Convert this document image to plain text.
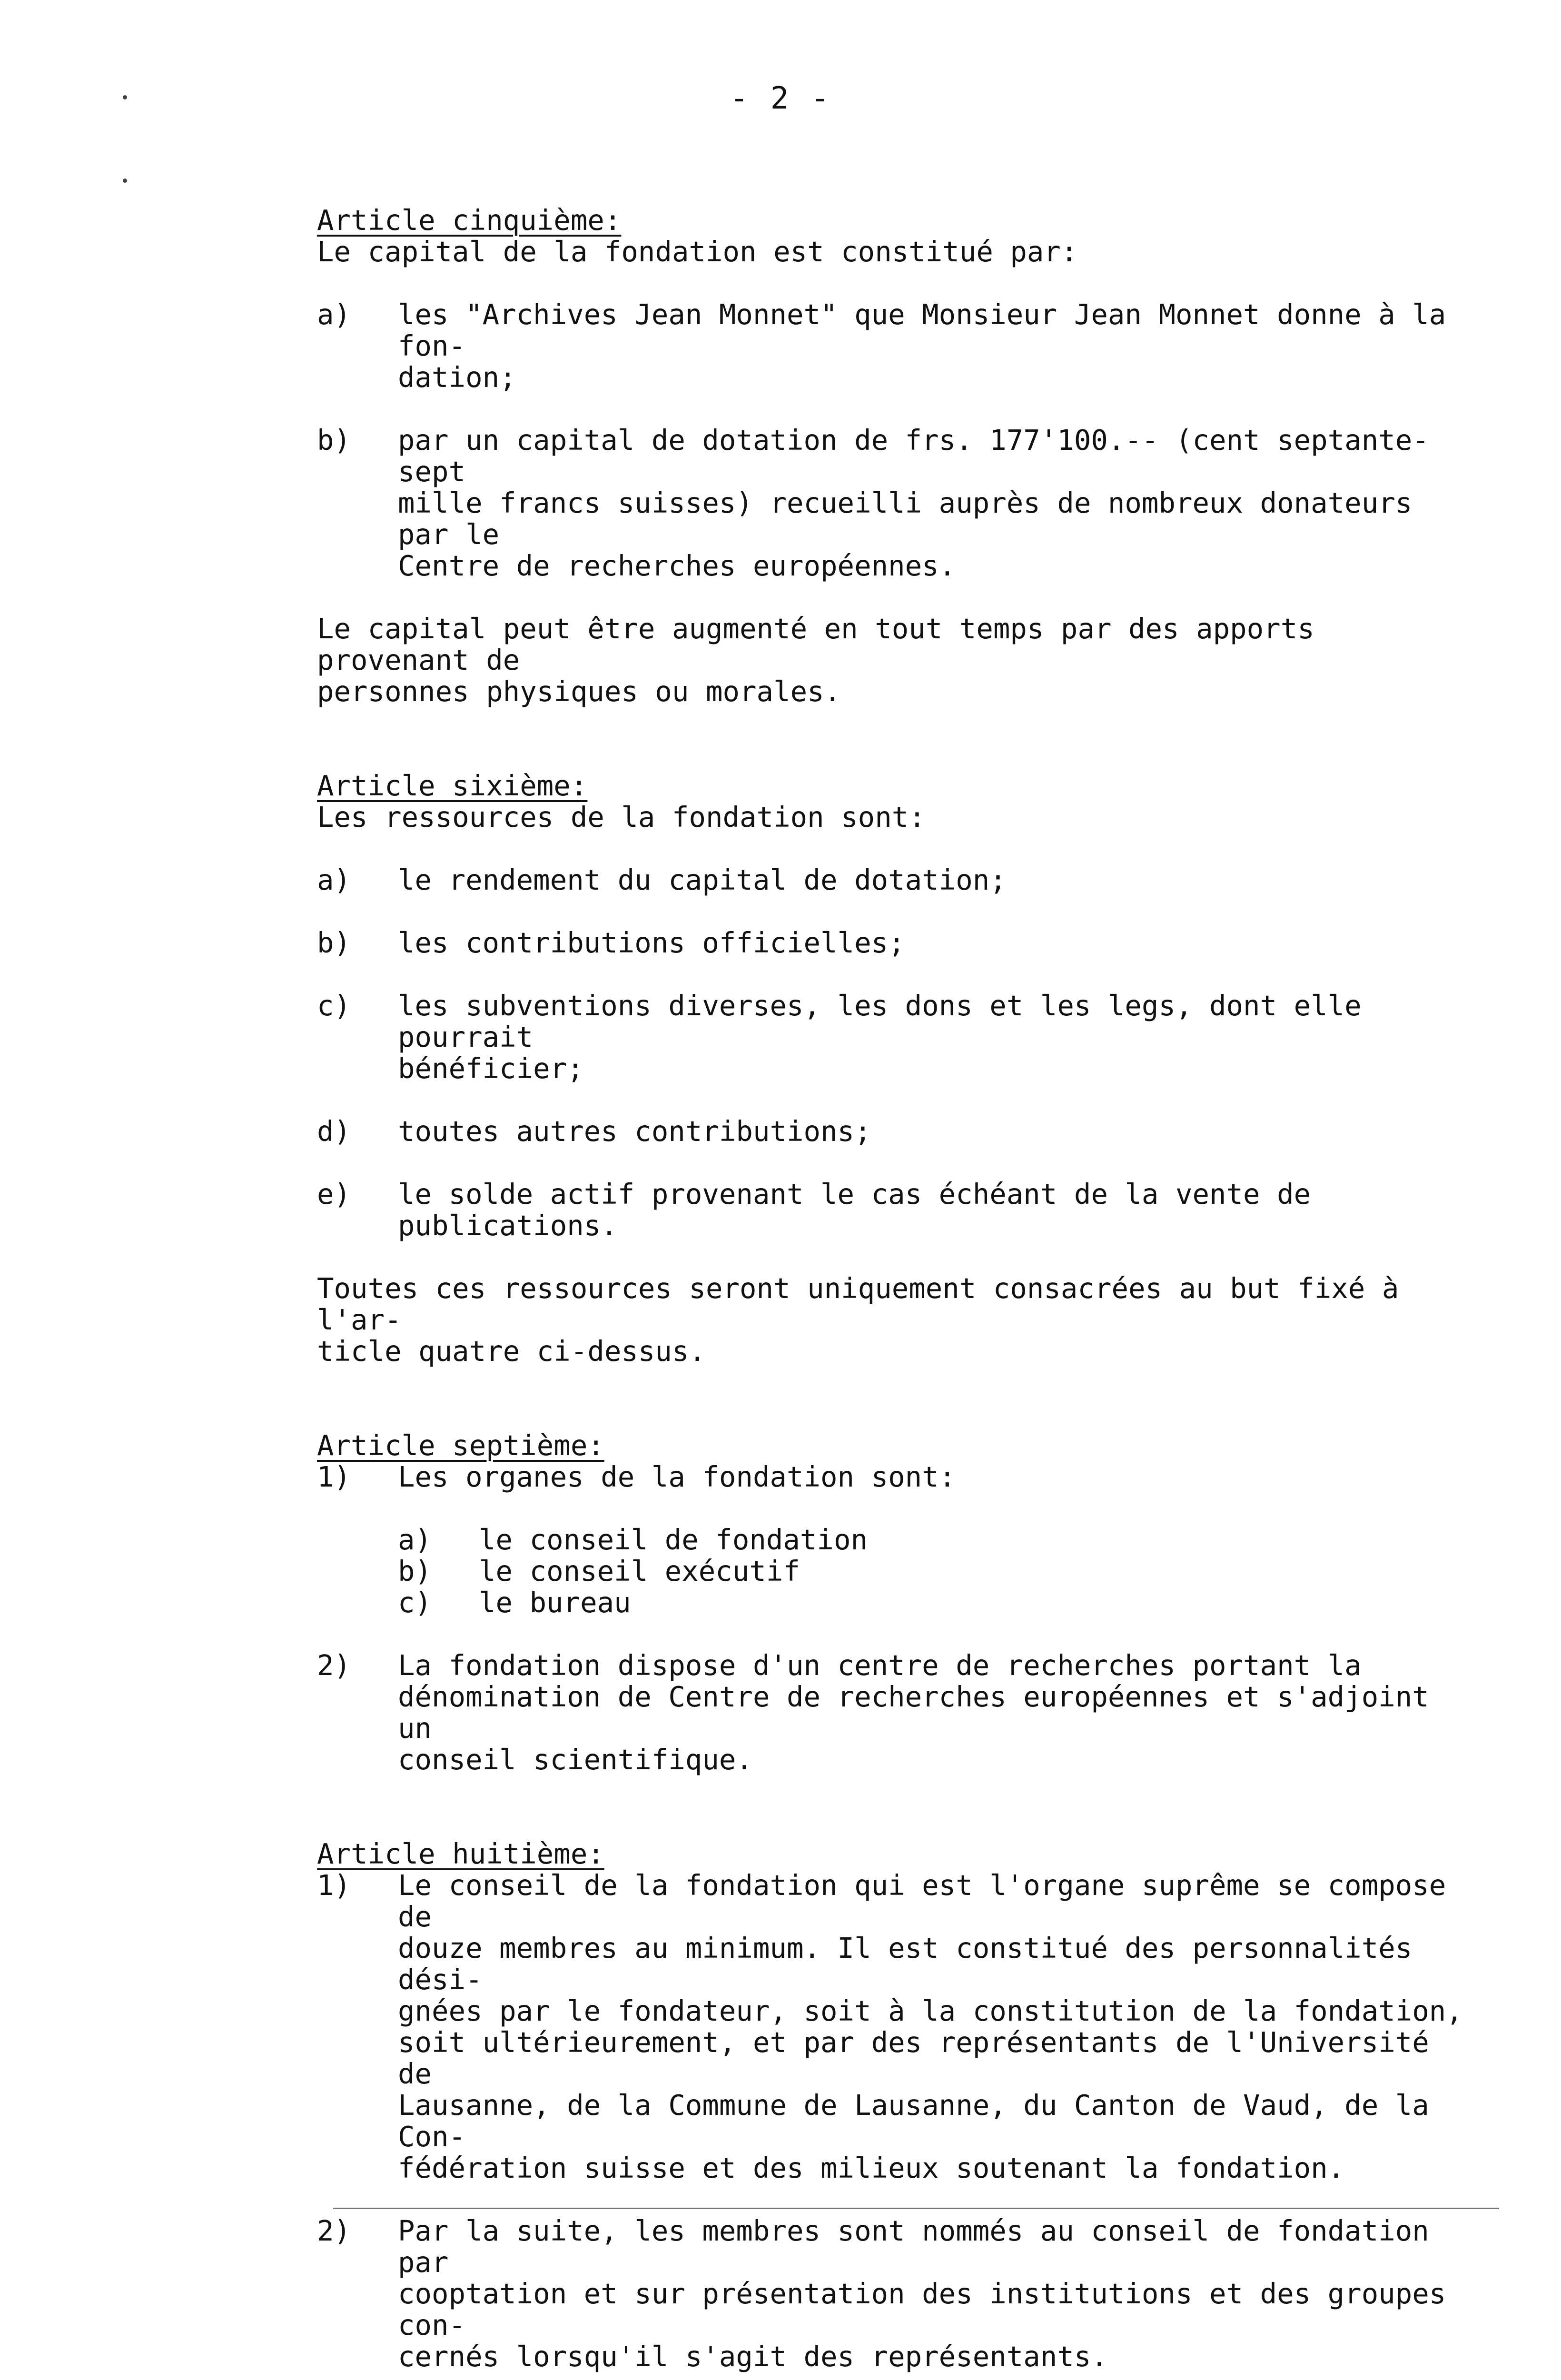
- 2 -

Article cinquième:

Le capital de la fondation est constitué par:

a)	les "Archives Jean Monnet" que Monsieur Jean Monnet donne à la fon-
dation;
b)	par un capital de dotation de frs. 177'100.-- (cent septante-sept
mille francs suisses) recueilli auprès de nombreux donateurs par le
Centre de recherches européennes.

Le capital peut être augmenté en tout temps par des apports provenant de
personnes physiques ou morales.

Article sixième:

Les ressources de la fondation sont:

a)	le rendement du capital de dotation;
b)	les contributions officielles;
c)	les subventions diverses, les dons et les legs, dont elle pourrait
bénéficier;
d)	toutes autres contributions;
e)	le solde actif provenant le cas échéant de la vente de
publications.

Toutes ces ressources seront uniquement consacrées au but fixé à l'ar-
ticle quatre ci-dessus.

Article septième:

1)	Les organes de la fondation sont:
a)	le conseil de fondation
b)	le conseil exécutif
c)	le bureau
2)	La fondation dispose d'un centre de recherches portant la
dénomination de Centre de recherches européennes et s'adjoint un
conseil scientifique.

Article huitième:

1)	Le conseil de la fondation qui est l'organe suprême se compose de
douze membres au minimum. Il est constitué des personnalités dési-
gnées par le fondateur, soit à la constitution de la fondation,
soit ultérieurement, et par des représentants de l'Université de
Lausanne, de la Commune de Lausanne, du Canton de Vaud, de la Con-
fédération suisse et des milieux soutenant la fondation.
2)	Par la suite, les membres sont nommés au conseil de fondation par
cooptation et sur présentation des institutions et des groupes con-
cernés lorsqu'il s'agit des représentants.
